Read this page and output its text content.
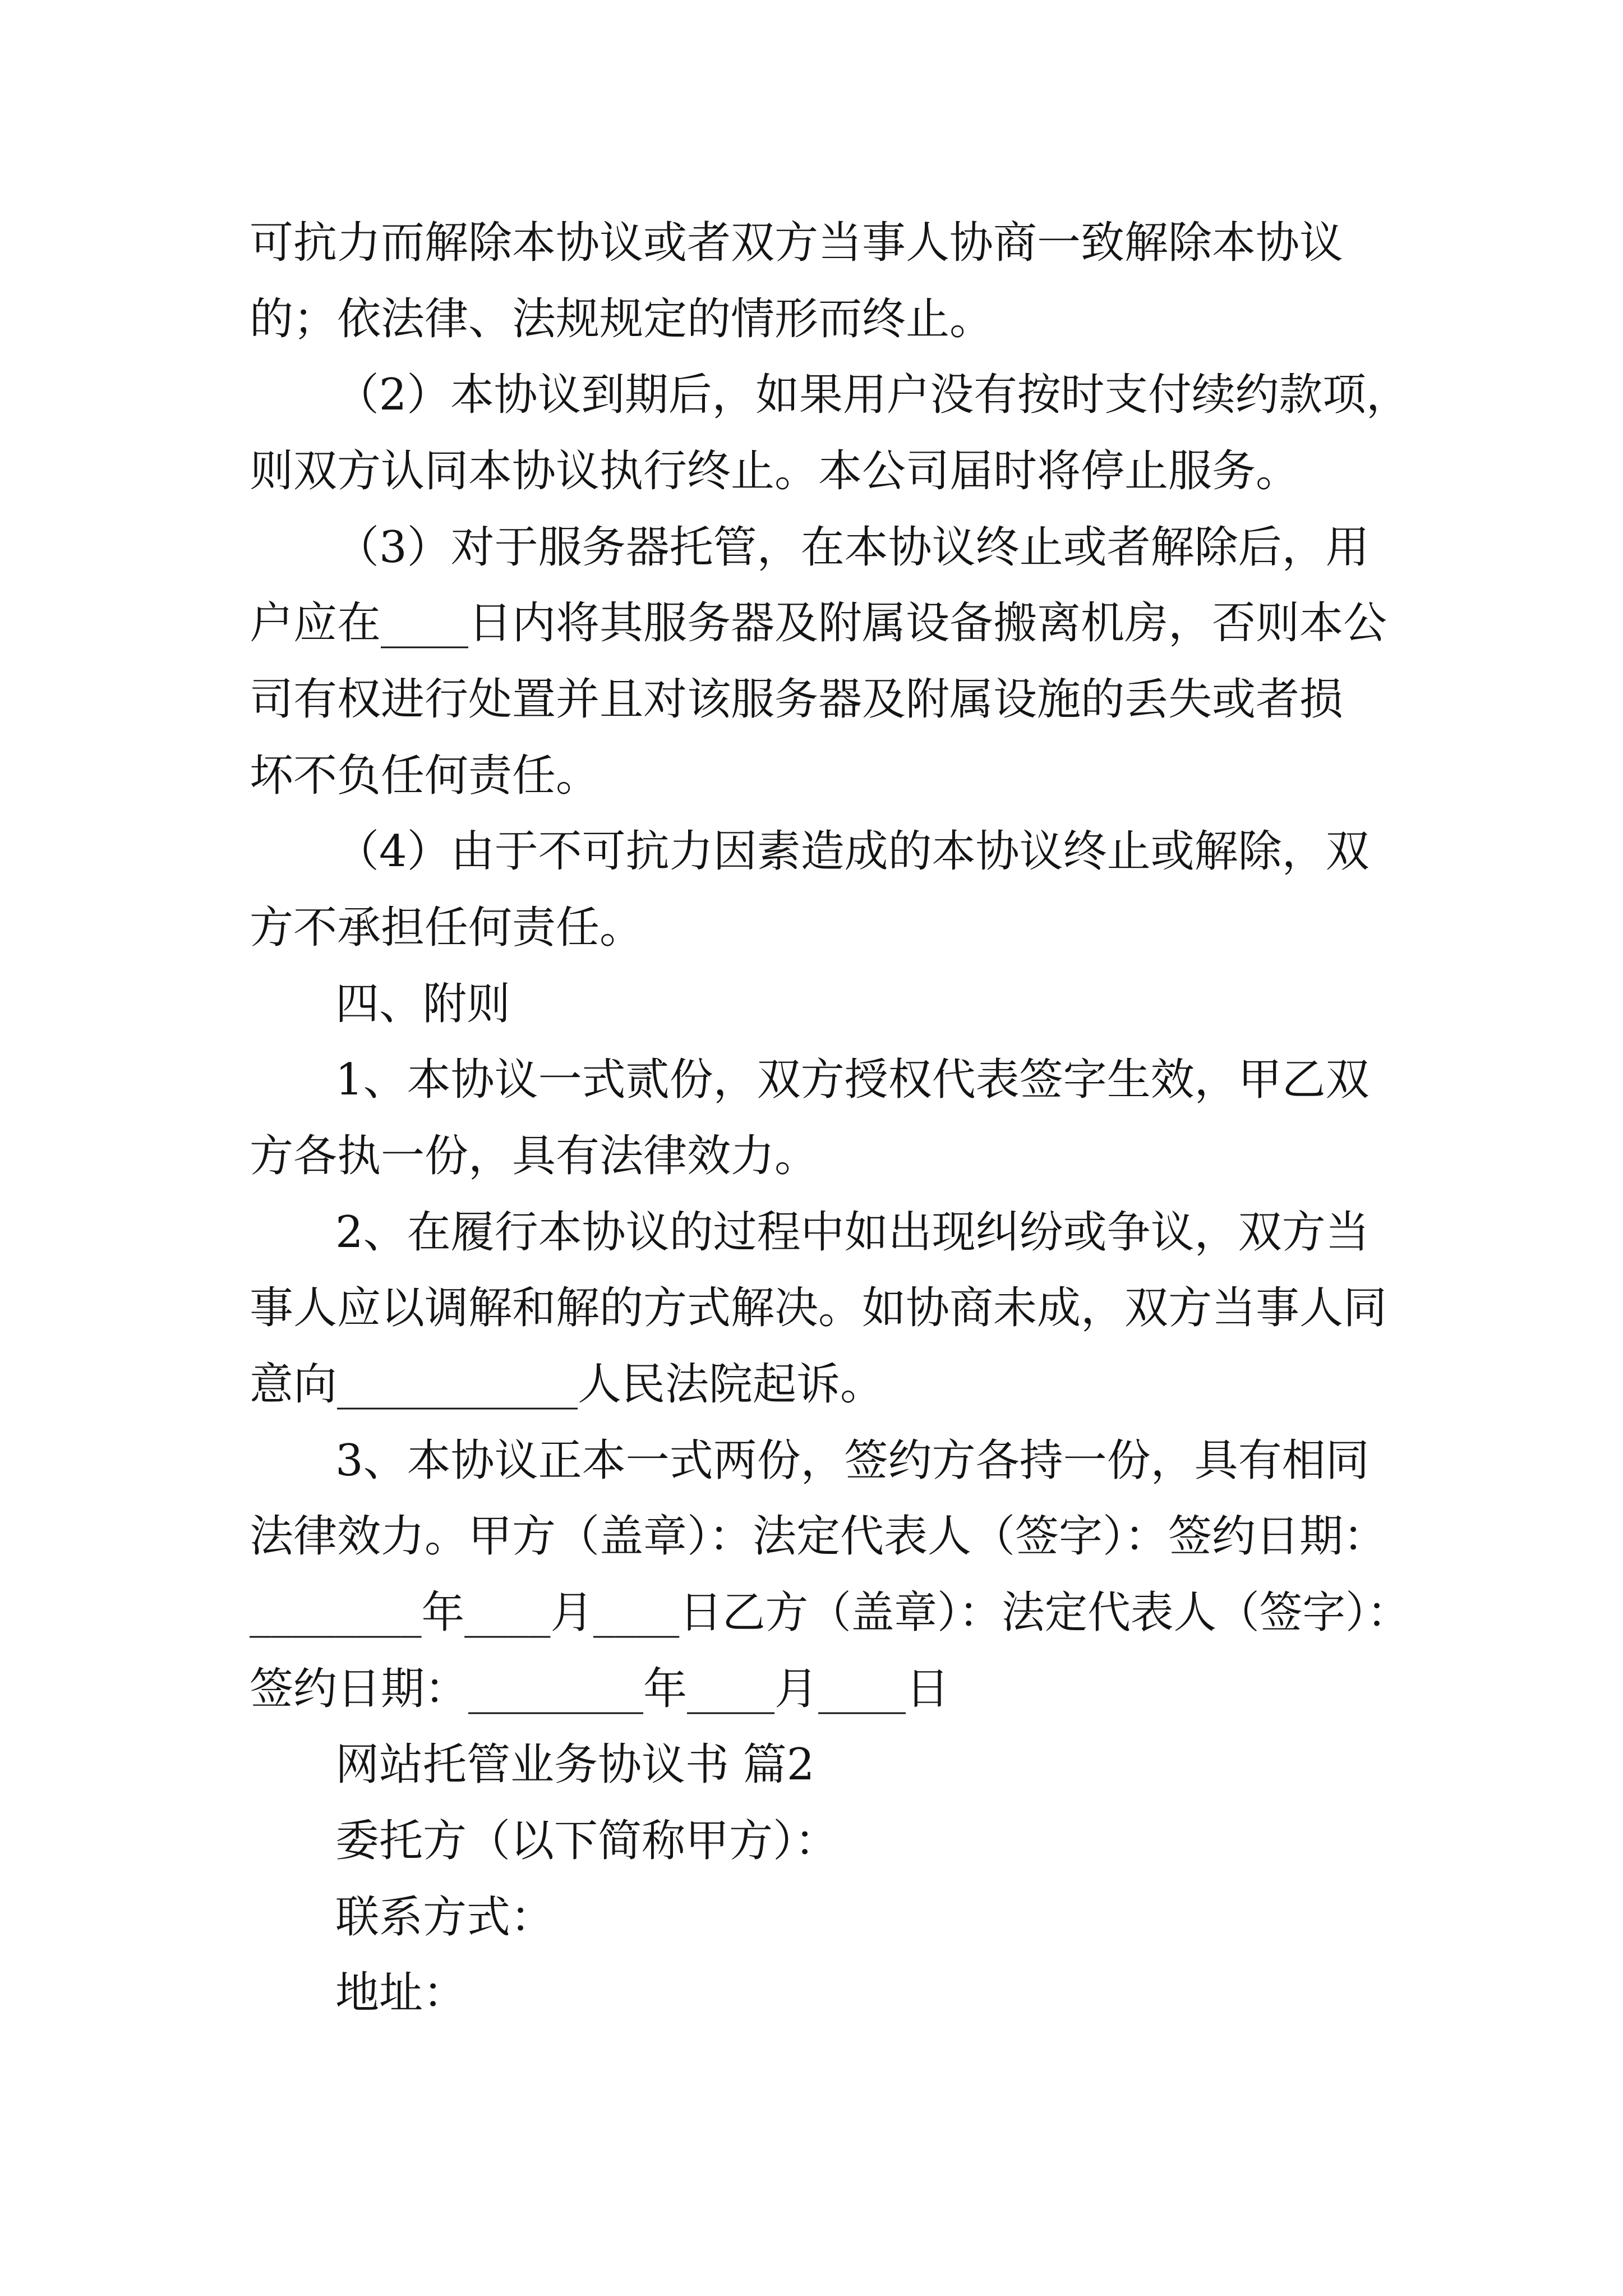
可抗力而解除本协议或者双方当事人协商一致解除本协议
的；依法律、法规规定的情形而终止。
（2）本协议到期后，如果用户没有按时支付续约款项，
则双方认同本协议执行终止。本公司届时将停止服务。
（3）对于服务器托管，在本协议终止或者解除后，用
户应在____日内将其服务器及附属设备搬离机房，否则本公
司有权进行处置并且对该服务器及附属设施的丢失或者损
坏不负任何责任。
（4）由于不可抗力因素造成的本协议终止或解除，双
方不承担任何责任。
四、附则
1、本协议一式贰份，双方授权代表签字生效，甲乙双
方各执一份，具有法律效力。
2、在履行本协议的过程中如出现纠纷或争议，双方当
事人应以调解和解的方式解决。如协商未成，双方当事人同
意向___________人民法院起诉。
3、本协议正本一式两份，签约方各持一份，具有相同
法律效力。甲方（盖章）：法定代表人（签字）：签约日期：
________年____月____日乙方（盖章）：法定代表人（签字）：
签约日期：________年____月____日
网站托管业务协议书 篇2
委托方（以下简称甲方）：
联系方式：
地址：
